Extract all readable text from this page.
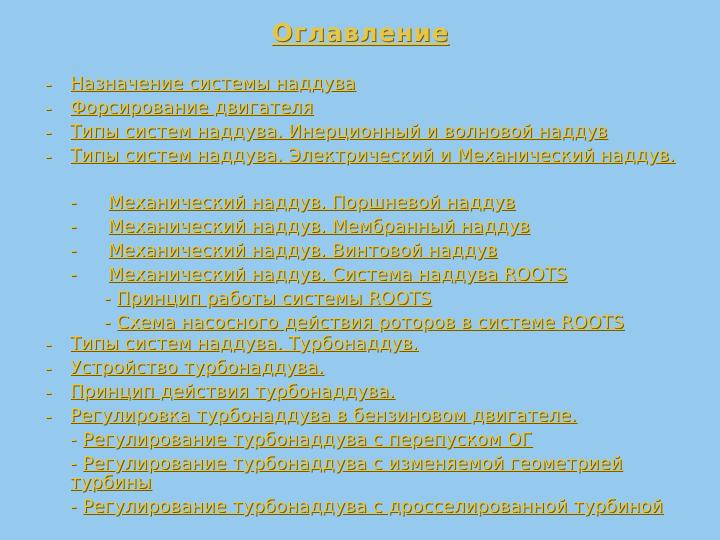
Оглавление
-
-
-
-
-
-
-
-
Назначение системы наддува
Форсирование двигателя
Типы систем наддува. Инерционный и волновой наддув
Типы систем наддува. Электрический и Механический наддув.
- Механический наддув. Поршневой наддув
- Механический наддув. Мембранный наддув
- Механический наддув. Винтовой наддув
- Механический наддув. Система наддува ROOTS
- Принцип работы системы ROOTS
- Схема насосного действия роторов в системе ROOTS
Типы систем наддува. Турбонаддув.
Устройство турбонаддува.
Принцип действия турбонаддува.
Регулировка турбонаддува в бензиновом двигателе.
- Регулирование турбонаддува с перепуском ОГ
- Регулирование турбонаддува с изменяемой геометрией турбины
- Регулирование турбонаддува с дросселированной турбиной
